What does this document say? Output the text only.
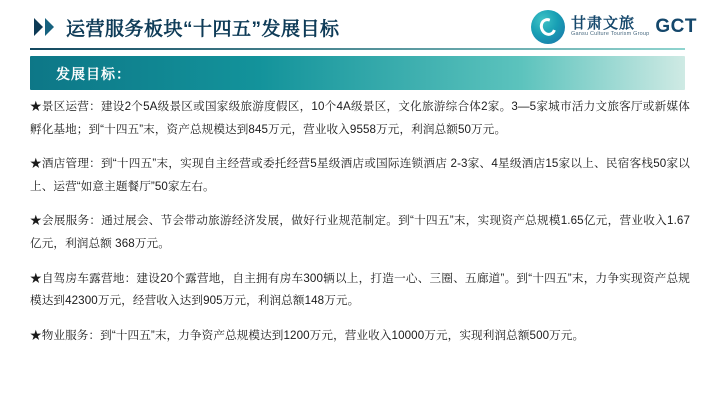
运营服务板块“十四五”发展目标	甘肃文旅
Gansu Culture Tourism Group GCT
发展目标：

★景区运营：建设2个5A级景区或国家级旅游度假区，10个4A级景区，文化旅游综合体2家。3—5家城市活力文旅客厅或新媒体孵化基地；到“十四五”末，资产总规模达到845万元，营业收入9558万元，利润总额50万元。

★酒店管理：到“十四五”末，实现自主经营或委托经营5星级酒店或国际连锁酒店 2-3家、4星级酒店15家以上、民宿客栈50家以上、运营“如意主题餐厅”50家左右。

★会展服务：通过展会、节会带动旅游经济发展，做好行业规范制定。到“十四五”末，实现资产总规模1.65亿元，营业收入1.67亿元，利润总额 368万元。

★自驾房车露营地：建设20个露营地，自主拥有房车300辆以上，打造一心、三圈、五廊道”。到“十四五”末，力争实现资产总规模达到42300万元，经营收入达到905万元，利润总额148万元。

★物业服务：到“十四五”末，力争资产总规模达到1200万元，营业收入10000万元，实现利润总额500万元。
